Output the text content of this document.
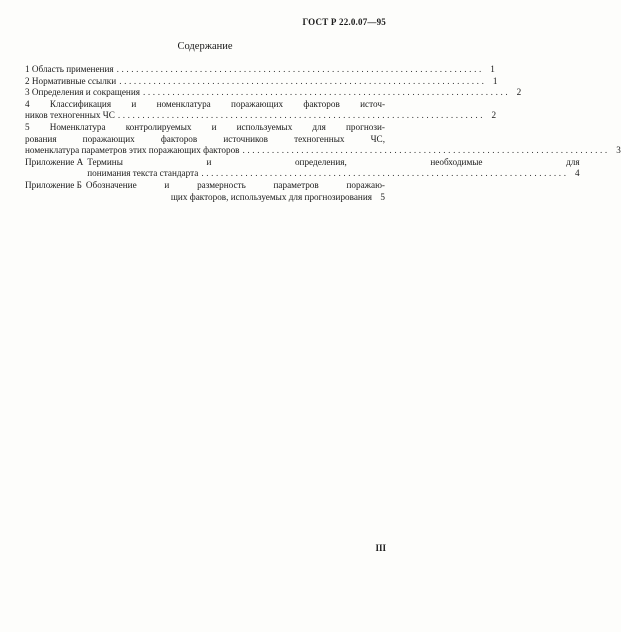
ГОСТ Р 22.0.07—95
Содержание
1 Область применения ........................................................................... 1
2 Нормативные ссылки ........................................................................... 1
3 Определения и сокращения ........................................................................... 2
4 Классификация и номенклатура поражающих факторов источ-
ников техногенных ЧС ........................................................................... 2
5 Номенклатура контролируемых и используемых для прогнози-
рования поражающих факторов источников техногенных ЧС,
номенклатура параметров этих поражающих факторов ........................................................................... 3
Приложение А Термины и определения, необходимые для
понимания текста стандарта ........................................................................... 4
Приложение Б Обозначение и размерность параметров поражаю-
щих факторов, используемых для прогнозирования 5
III
